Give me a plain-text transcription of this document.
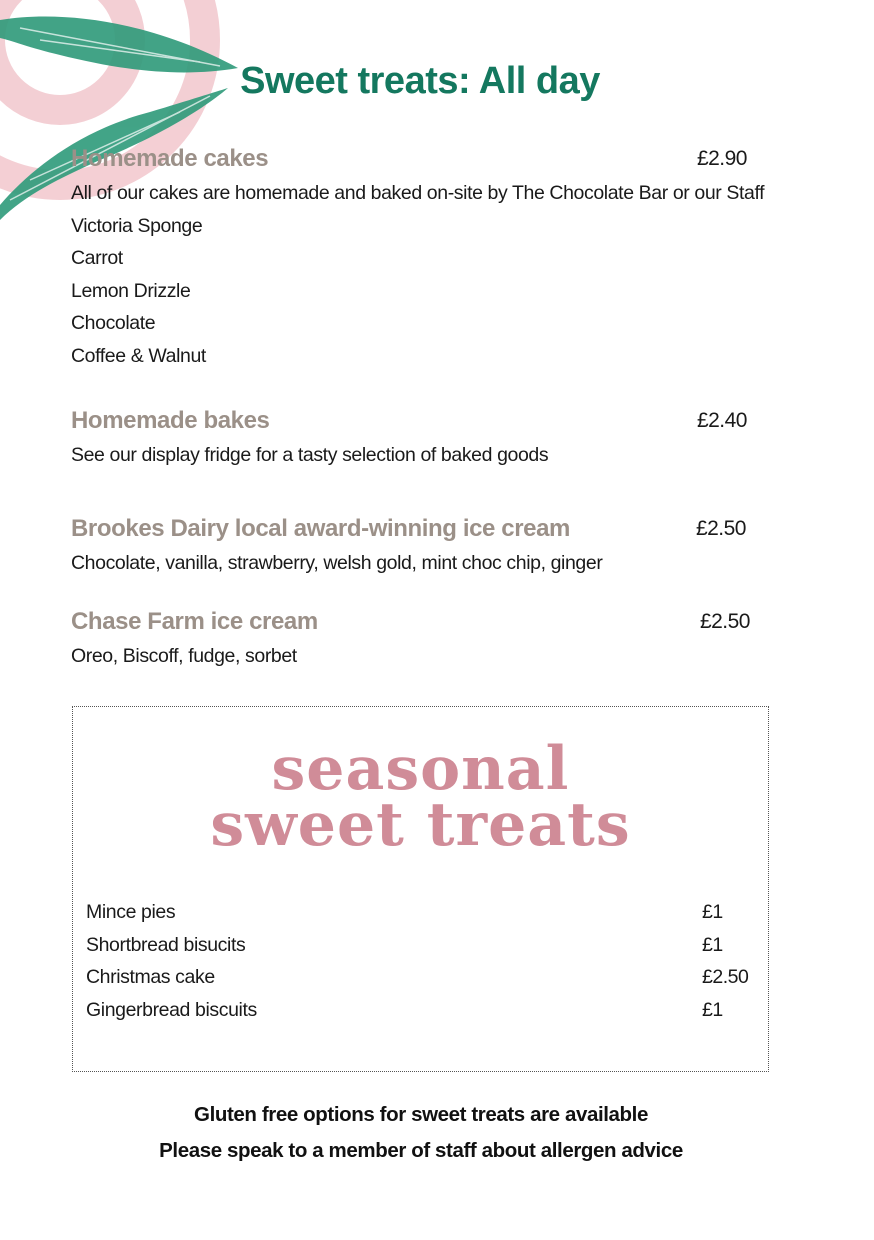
Sweet treats: All day
Homemade cakes	£2.90
All of our cakes are homemade and baked on-site by The Chocolate Bar or our Staff
Victoria Sponge
Carrot
Lemon Drizzle
Chocolate
Coffee & Walnut
Homemade bakes	£2.40
See our display fridge for a tasty selection of baked goods
Brookes Dairy local award-winning ice cream	£2.50
Chocolate, vanilla, strawberry, welsh gold, mint choc chip, ginger
Chase Farm ice cream	£2.50
Oreo, Biscoff, fudge, sorbet
seasonal
sweet treats
Mince pies	£1
Shortbread bisucits	£1
Christmas cake	£2.50
Gingerbread biscuits	£1
Gluten free options for sweet treats are available
Please speak to a member of staff about allergen advice
